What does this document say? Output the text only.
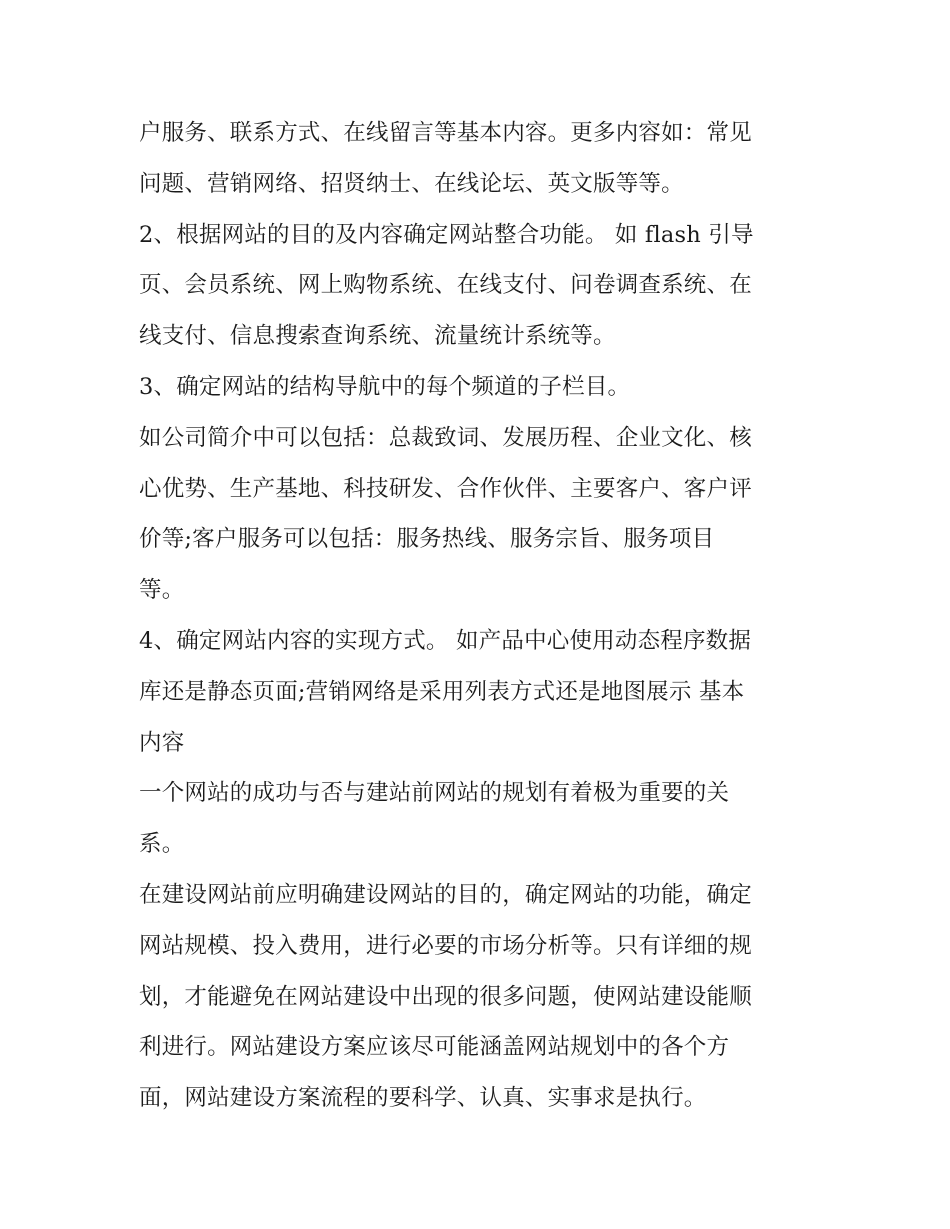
户服务、联系方式、在线留言等基本内容。更多内容如：常见
问题、营销网络、招贤纳士、在线论坛、英文版等等。
2、根据网站的目的及内容确定网站整合功能。 如 flash 引导
页、会员系统、网上购物系统、在线支付、问卷调查系统、在
线支付、信息搜索查询系统、流量统计系统等。
3、确定网站的结构导航中的每个频道的子栏目。
如公司简介中可以包括：总裁致词、发展历程、企业文化、核
心优势、生产基地、科技研发、合作伙伴、主要客户、客户评
价等;客户服务可以包括：服务热线、服务宗旨、服务项目
等。
4、确定网站内容的实现方式。 如产品中心使用动态程序数据
库还是静态页面;营销网络是采用列表方式还是地图展示 基本
内容
一个网站的成功与否与建站前网站的规划有着极为重要的关
系。
在建设网站前应明确建设网站的目的，确定网站的功能，确定
网站规模、投入费用，进行必要的市场分析等。只有详细的规
划，才能避免在网站建设中出现的很多问题，使网站建设能顺
利进行。网站建设方案应该尽可能涵盖网站规划中的各个方
面，网站建设方案流程的要科学、认真、实事求是执行。
